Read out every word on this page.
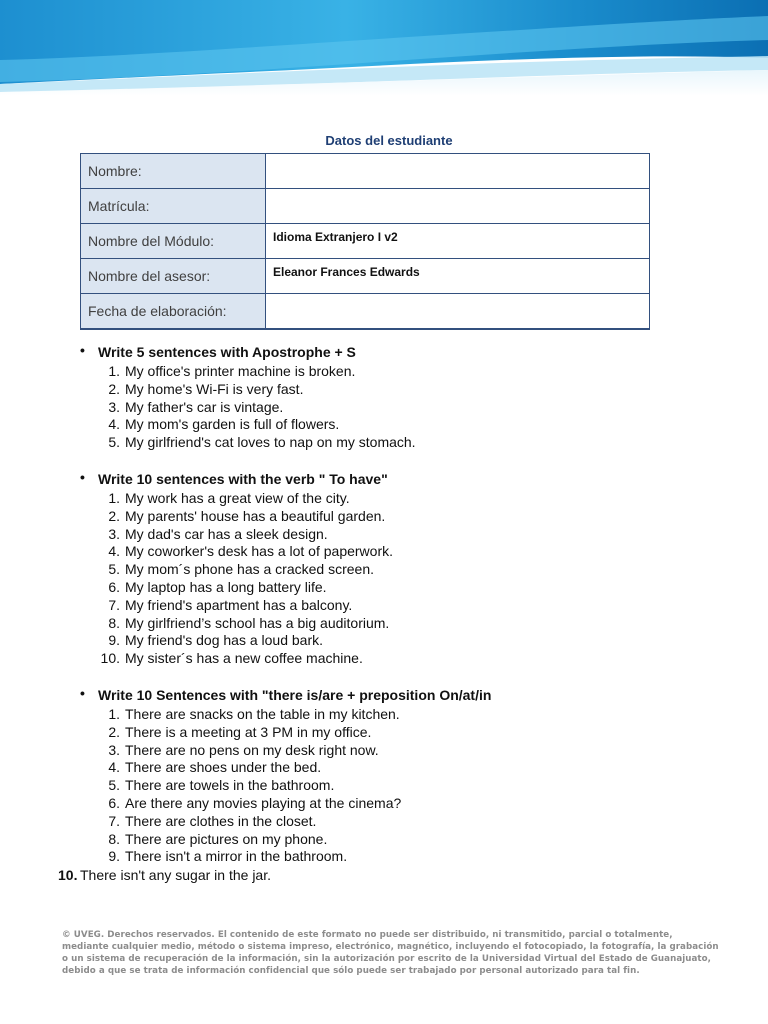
Datos del estudiante
Nombre:	
Matrícula:	
Nombre del Módulo:	Idioma Extranjero I v2
Nombre del asesor:	Eleanor Frances Edwards
Fecha de elaboración:	
• Write 5 sentences with Apostrophe + S
1. My office's printer machine is broken.
2. My home's Wi-Fi is very fast.
3. My father's car is vintage.
4. My mom's garden is full of flowers.
5. My girlfriend's cat loves to nap on my stomach.
• Write 10 sentences with the verb " To have"
1. My work has a great view of the city.
2. My parents' house has a beautiful garden.
3. My dad's car has a sleek design.
4. My coworker's desk has a lot of paperwork.
5. My mom´s phone has a cracked screen.
6. My laptop has a long battery life.
7. My friend's apartment has a balcony.
8. My girlfriend’s school has a big auditorium.
9. My friend's dog has a loud bark.
10. My sister´s has a new coffee machine.
• Write 10 Sentences with "there is/are + preposition On/at/in
1. There are snacks on the table in my kitchen.
2. There is a meeting at 3 PM in my office.
3. There are no pens on my desk right now.
4. There are shoes under the bed.
5. There are towels in the bathroom.
6. Are there any movies playing at the cinema?
7. There are clothes in the closet.
8. There are pictures on my phone.
9. There isn't a mirror in the bathroom.
10. There isn't any sugar in the jar.
© UVEG. Derechos reservados. El contenido de este formato no puede ser distribuido, ni transmitido, parcial o totalmente, mediante cualquier medio, método o sistema impreso, electrónico, magnético, incluyendo el fotocopiado, la fotografía, la grabación o un sistema de recuperación de la información, sin la autorización por escrito de la Universidad Virtual del Estado de Guanajuato, debido a que se trata de información confidencial que sólo puede ser trabajado por personal autorizado para tal fin.
